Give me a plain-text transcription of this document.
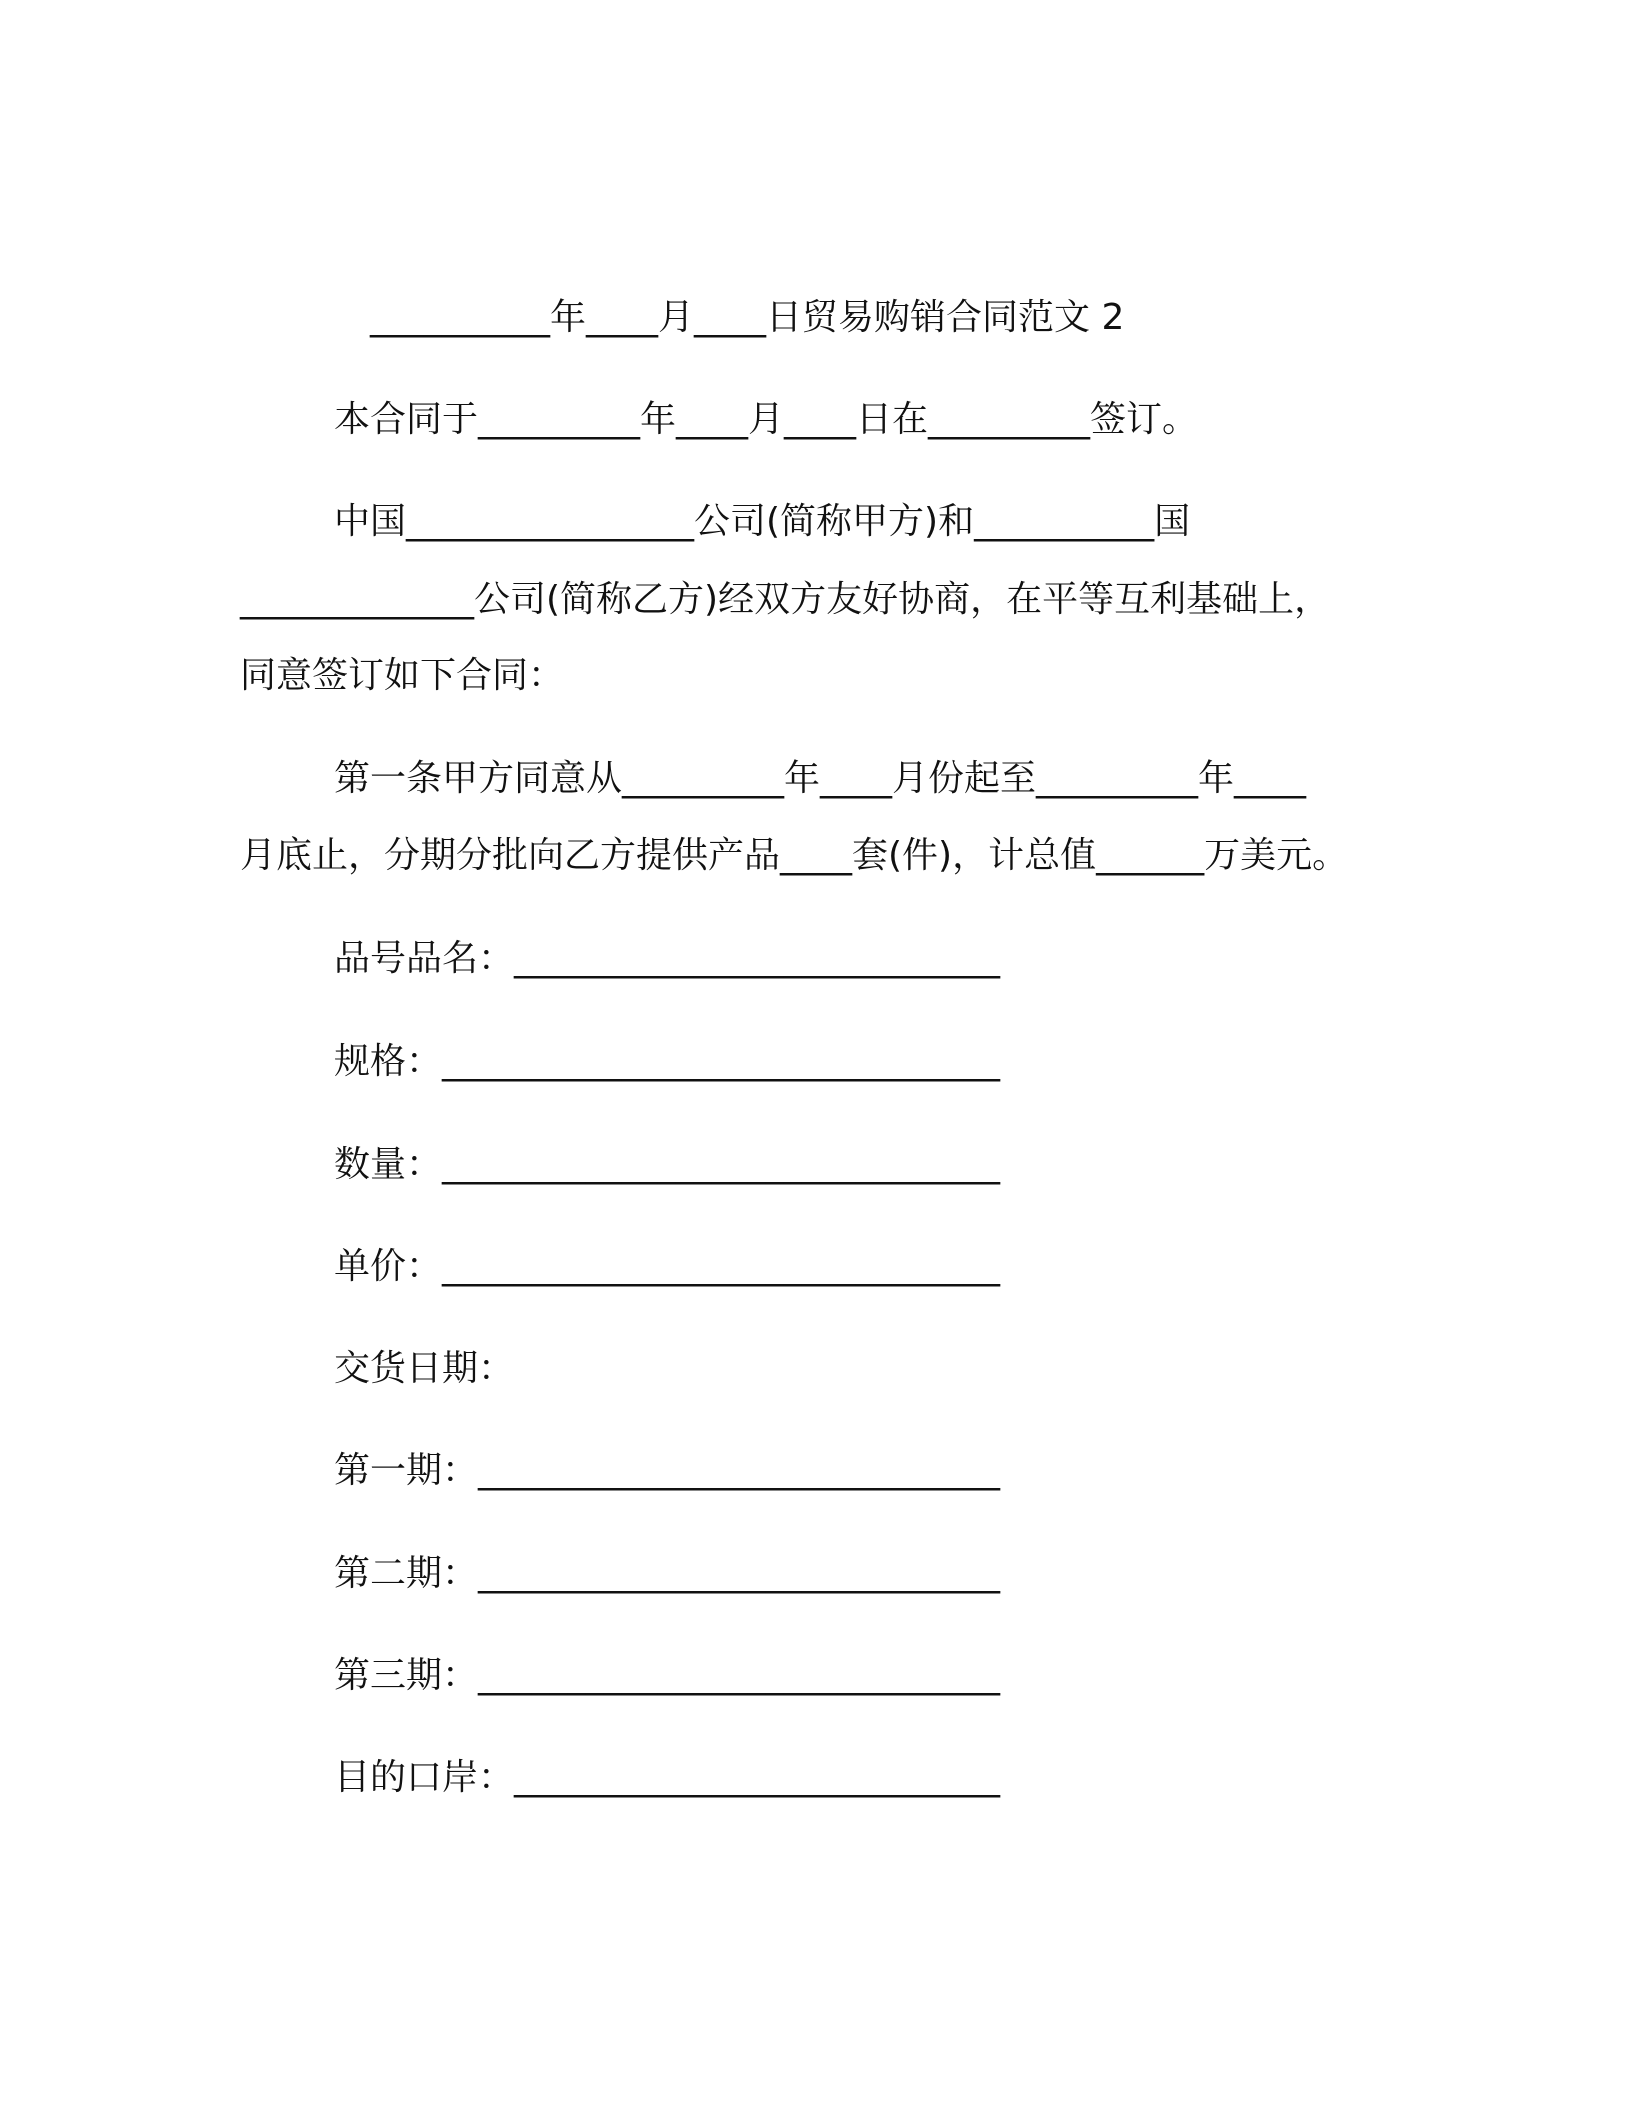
__________年____月____日贸易购销合同范文 2
本合同于_________年____月____日在_________签订。
中国________________公司(简称甲方)和__________国
_____________公司(简称乙方)经双方友好协商，在平等互利基础上，
同意签订如下合同：
第一条甲方同意从_________年____月份起至_________年____
月底止，分期分批向乙方提供产品____套(件)，计总值______万美元。
品号品名：___________________________
规格：_______________________________
数量：_______________________________
单价：_______________________________
交货日期：
第一期：_____________________________
第二期：_____________________________
第三期：_____________________________
目的口岸：___________________________
